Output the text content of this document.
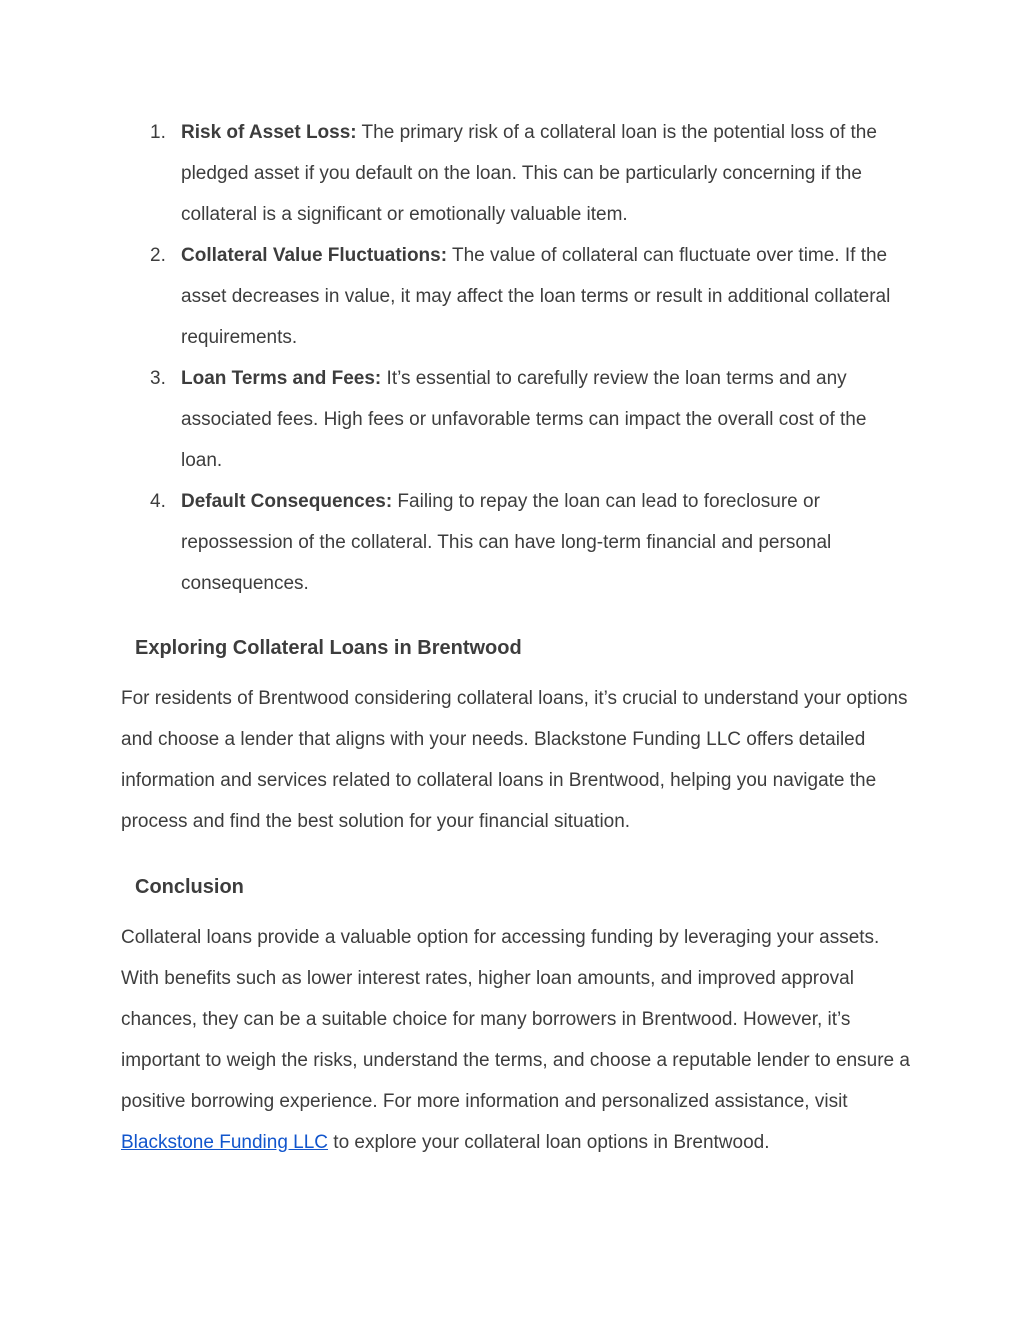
1. Risk of Asset Loss: The primary risk of a collateral loan is the potential loss of the pledged asset if you default on the loan. This can be particularly concerning if the collateral is a significant or emotionally valuable item.
2. Collateral Value Fluctuations: The value of collateral can fluctuate over time. If the asset decreases in value, it may affect the loan terms or result in additional collateral requirements.
3. Loan Terms and Fees: It’s essential to carefully review the loan terms and any associated fees. High fees or unfavorable terms can impact the overall cost of the loan.
4. Default Consequences: Failing to repay the loan can lead to foreclosure or repossession of the collateral. This can have long-term financial and personal consequences.
Exploring Collateral Loans in Brentwood

For residents of Brentwood considering collateral loans, it’s crucial to understand your options and choose a lender that aligns with your needs. Blackstone Funding LLC offers detailed information and services related to collateral loans in Brentwood, helping you navigate the process and find the best solution for your financial situation.

Conclusion

Collateral loans provide a valuable option for accessing funding by leveraging your assets. With benefits such as lower interest rates, higher loan amounts, and improved approval chances, they can be a suitable choice for many borrowers in Brentwood. However, it’s important to weigh the risks, understand the terms, and choose a reputable lender to ensure a positive borrowing experience. For more information and personalized assistance, visit Blackstone Funding LLC to explore your collateral loan options in Brentwood.
